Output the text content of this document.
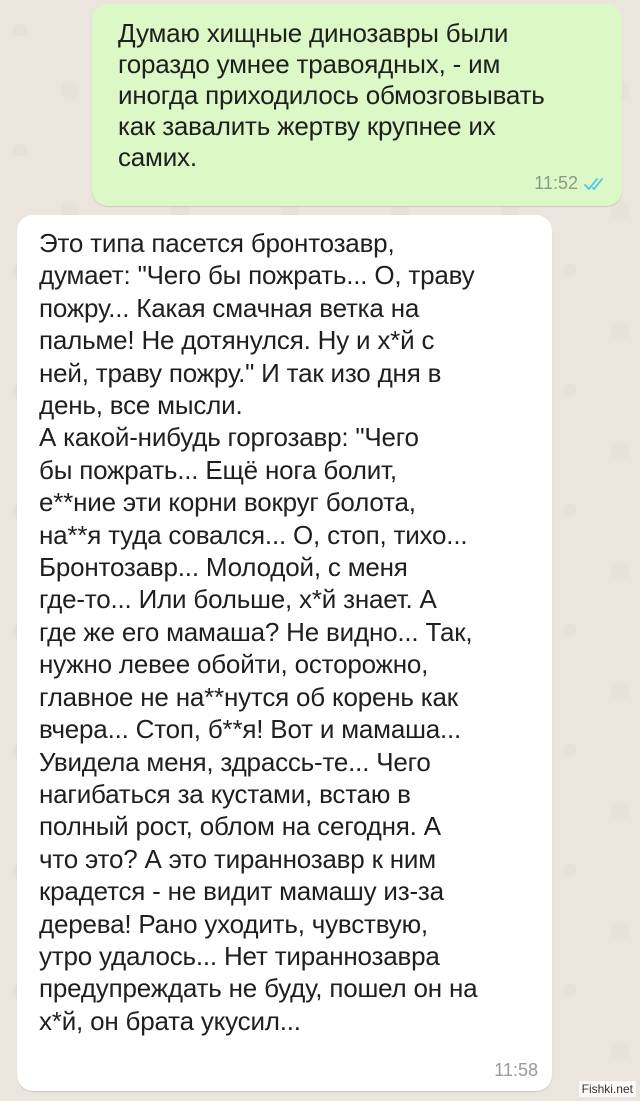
Думаю хищные динозавры были
гораздо умнее травоядных, - им
иногда приходилось обмозговывать
как завалить жертву крупнее их
самих.

11:52

Это типа пасется бронтозавр,
думает: "Чего бы пожрать... О, траву
пожру... Какая смачная ветка на
пальме! Не дотянулся. Ну и х*й с
ней, траву пожру." И так изо дня в
день, все мысли.
А какой-нибудь горгозавр: "Чего
бы пожрать... Ещё нога болит,
е**ние эти корни вокруг болота,
на**я туда совался... О, стоп, тихо...
Бронтозавр... Молодой, с меня
где-то... Или больше, х*й знает. А
где же его мамаша? Не видно... Так,
нужно левее обойти, осторожно,
главное не на**нутся об корень как
вчера... Стоп, б**я! Вот и мамаша...
Увидела меня, здрассь-те... Чего
нагибаться за кустами, встаю в
полный рост, облом на сегодня. А
что это? А это тираннозавр к ним
крадется - не видит мамашу из-за
дерева! Рано уходить, чувствую,
утро удалось... Нет тираннозавра
предупреждать не буду, пошел он на
х*й, он брата укусил...

11:58
Fishki.net
